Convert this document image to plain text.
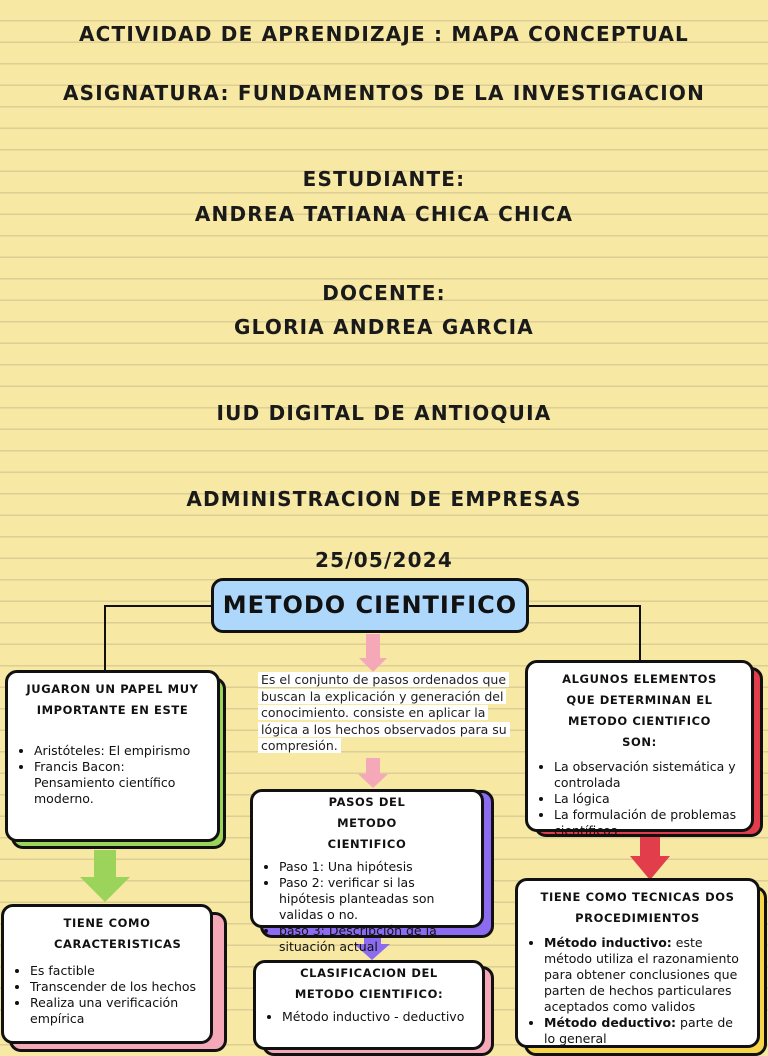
ACTIVIDAD DE APRENDIZAJE : MAPA CONCEPTUAL
ASIGNATURA: FUNDAMENTOS DE LA INVESTIGACION
ESTUDIANTE:
ANDREA TATIANA CHICA CHICA
DOCENTE:
GLORIA ANDREA GARCIA
IUD DIGITAL DE ANTIOQUIA
ADMINISTRACION DE EMPRESAS
25/05/2024
METODO CIENTIFICO
Es el conjunto de pasos ordenados que buscan la explicación y generación del conocimiento. consiste en aplicar la lógica a los hechos observados para su compresión.
JUGARON UN PAPEL MUY IMPORTANTE EN ESTE
• Aristóteles: El empirismo
• Francis Bacon: Pensamiento científico moderno.
TIENE COMO CARACTERISTICAS
• Es factible
• Transcender de los hechos
• Realiza una verificación empírica
PASOS DEL METODO CIENTIFICO
• Paso 1: Una hipótesis
• Paso 2: verificar si las hipótesis planteadas son validas o no.
• paso 3: Descripción de la situación actual
CLASIFICACION DEL METODO CIENTIFICO:
• Método inductivo - deductivo
ALGUNOS ELEMENTOS QUE DETERMINAN EL METODO CIENTIFICO SON:
• La observación sistemática y controlada
• La lógica
• La formulación de problemas científicos
TIENE COMO TECNICAS DOS PROCEDIMIENTOS
• Método inductivo: este método utiliza el razonamiento para obtener conclusiones que parten de hechos particulares aceptados como validos
• Método deductivo: parte de lo general
